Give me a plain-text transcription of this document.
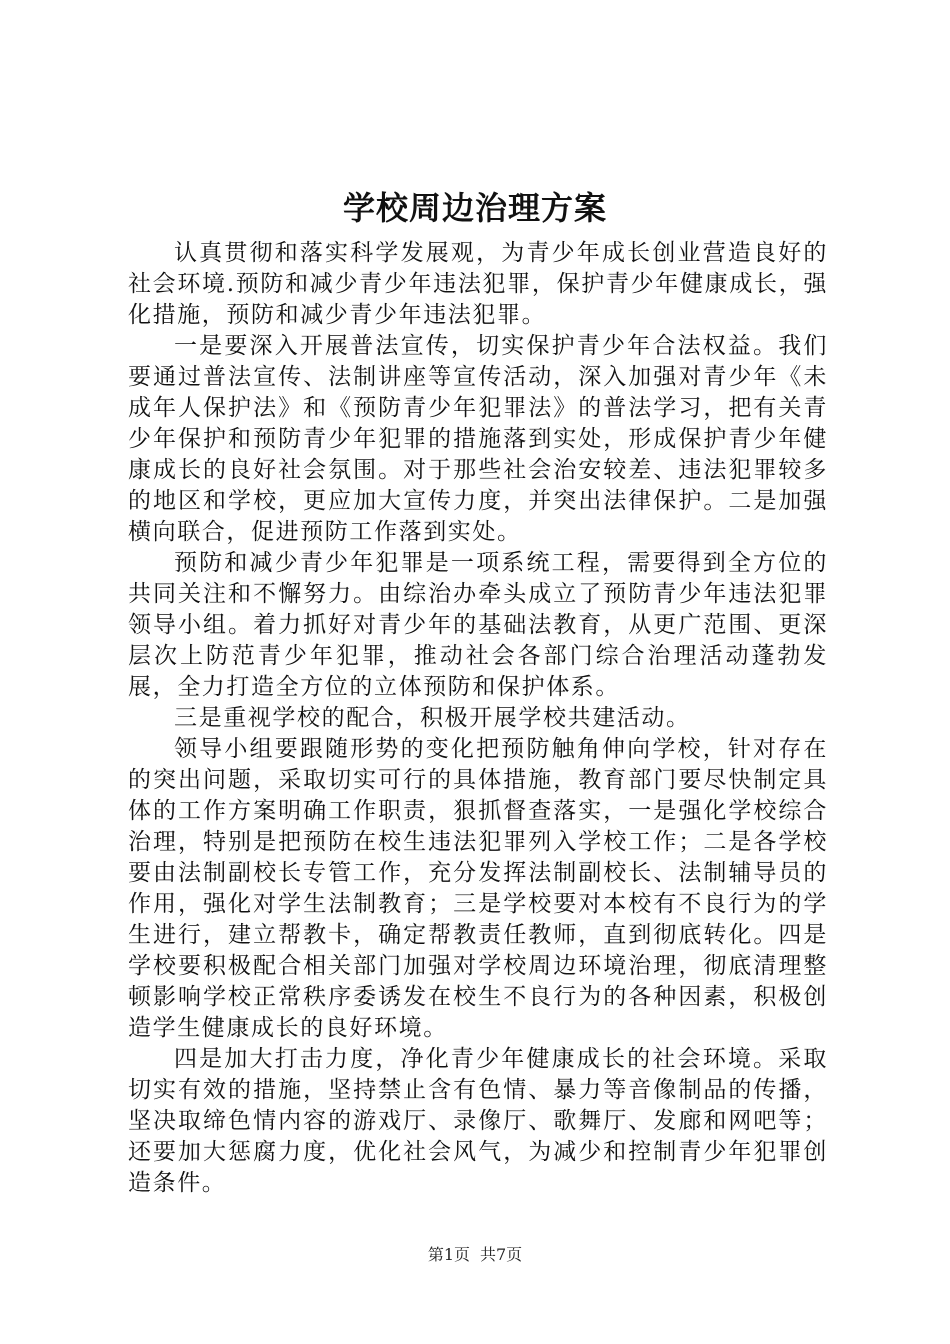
学校周边治理方案

认真贯彻和落实科学发展观，为青少年成长创业营造良好的社会环境.预防和减少青少年违法犯罪，保护青少年健康成长，强化措施，预防和减少青少年违法犯罪。

一是要深入开展普法宣传，切实保护青少年合法权益。我们要通过普法宣传、法制讲座等宣传活动，深入加强对青少年《未成年人保护法》和《预防青少年犯罪法》的普法学习，把有关青少年保护和预防青少年犯罪的措施落到实处，形成保护青少年健康成长的良好社会氛围。对于那些社会治安较差、违法犯罪较多的地区和学校，更应加大宣传力度，并突出法律保护。二是加强横向联合，促进预防工作落到实处。

预防和减少青少年犯罪是一项系统工程，需要得到全方位的共同关注和不懈努力。由综治办牵头成立了预防青少年违法犯罪领导小组。着力抓好对青少年的基础法教育，从更广范围、更深层次上防范青少年犯罪，推动社会各部门综合治理活动蓬勃发展，全力打造全方位的立体预防和保护体系。

三是重视学校的配合，积极开展学校共建活动。

领导小组要跟随形势的变化把预防触角伸向学校，针对存在的突出问题，采取切实可行的具体措施，教育部门要尽快制定具体的工作方案明确工作职责，狠抓督查落实，一是强化学校综合治理，特别是把预防在校生违法犯罪列入学校工作；二是各学校要由法制副校长专管工作，充分发挥法制副校长、法制辅导员的作用，强化对学生法制教育；三是学校要对本校有不良行为的学生进行，建立帮教卡，确定帮教责任教师，直到彻底转化。四是学校要积极配合相关部门加强对学校周边环境治理，彻底清理整顿影响学校正常秩序委诱发在校生不良行为的各种因素，积极创造学生健康成长的良好环境。

四是加大打击力度，净化青少年健康成长的社会环境。采取切实有效的措施，坚持禁止含有色情、暴力等音像制品的传播，坚决取缔色情内容的游戏厅、录像厅、歌舞厅、发廊和网吧等；还要加大惩腐力度，优化社会风气，为减少和控制青少年犯罪创造条件。

第1页 共7页
